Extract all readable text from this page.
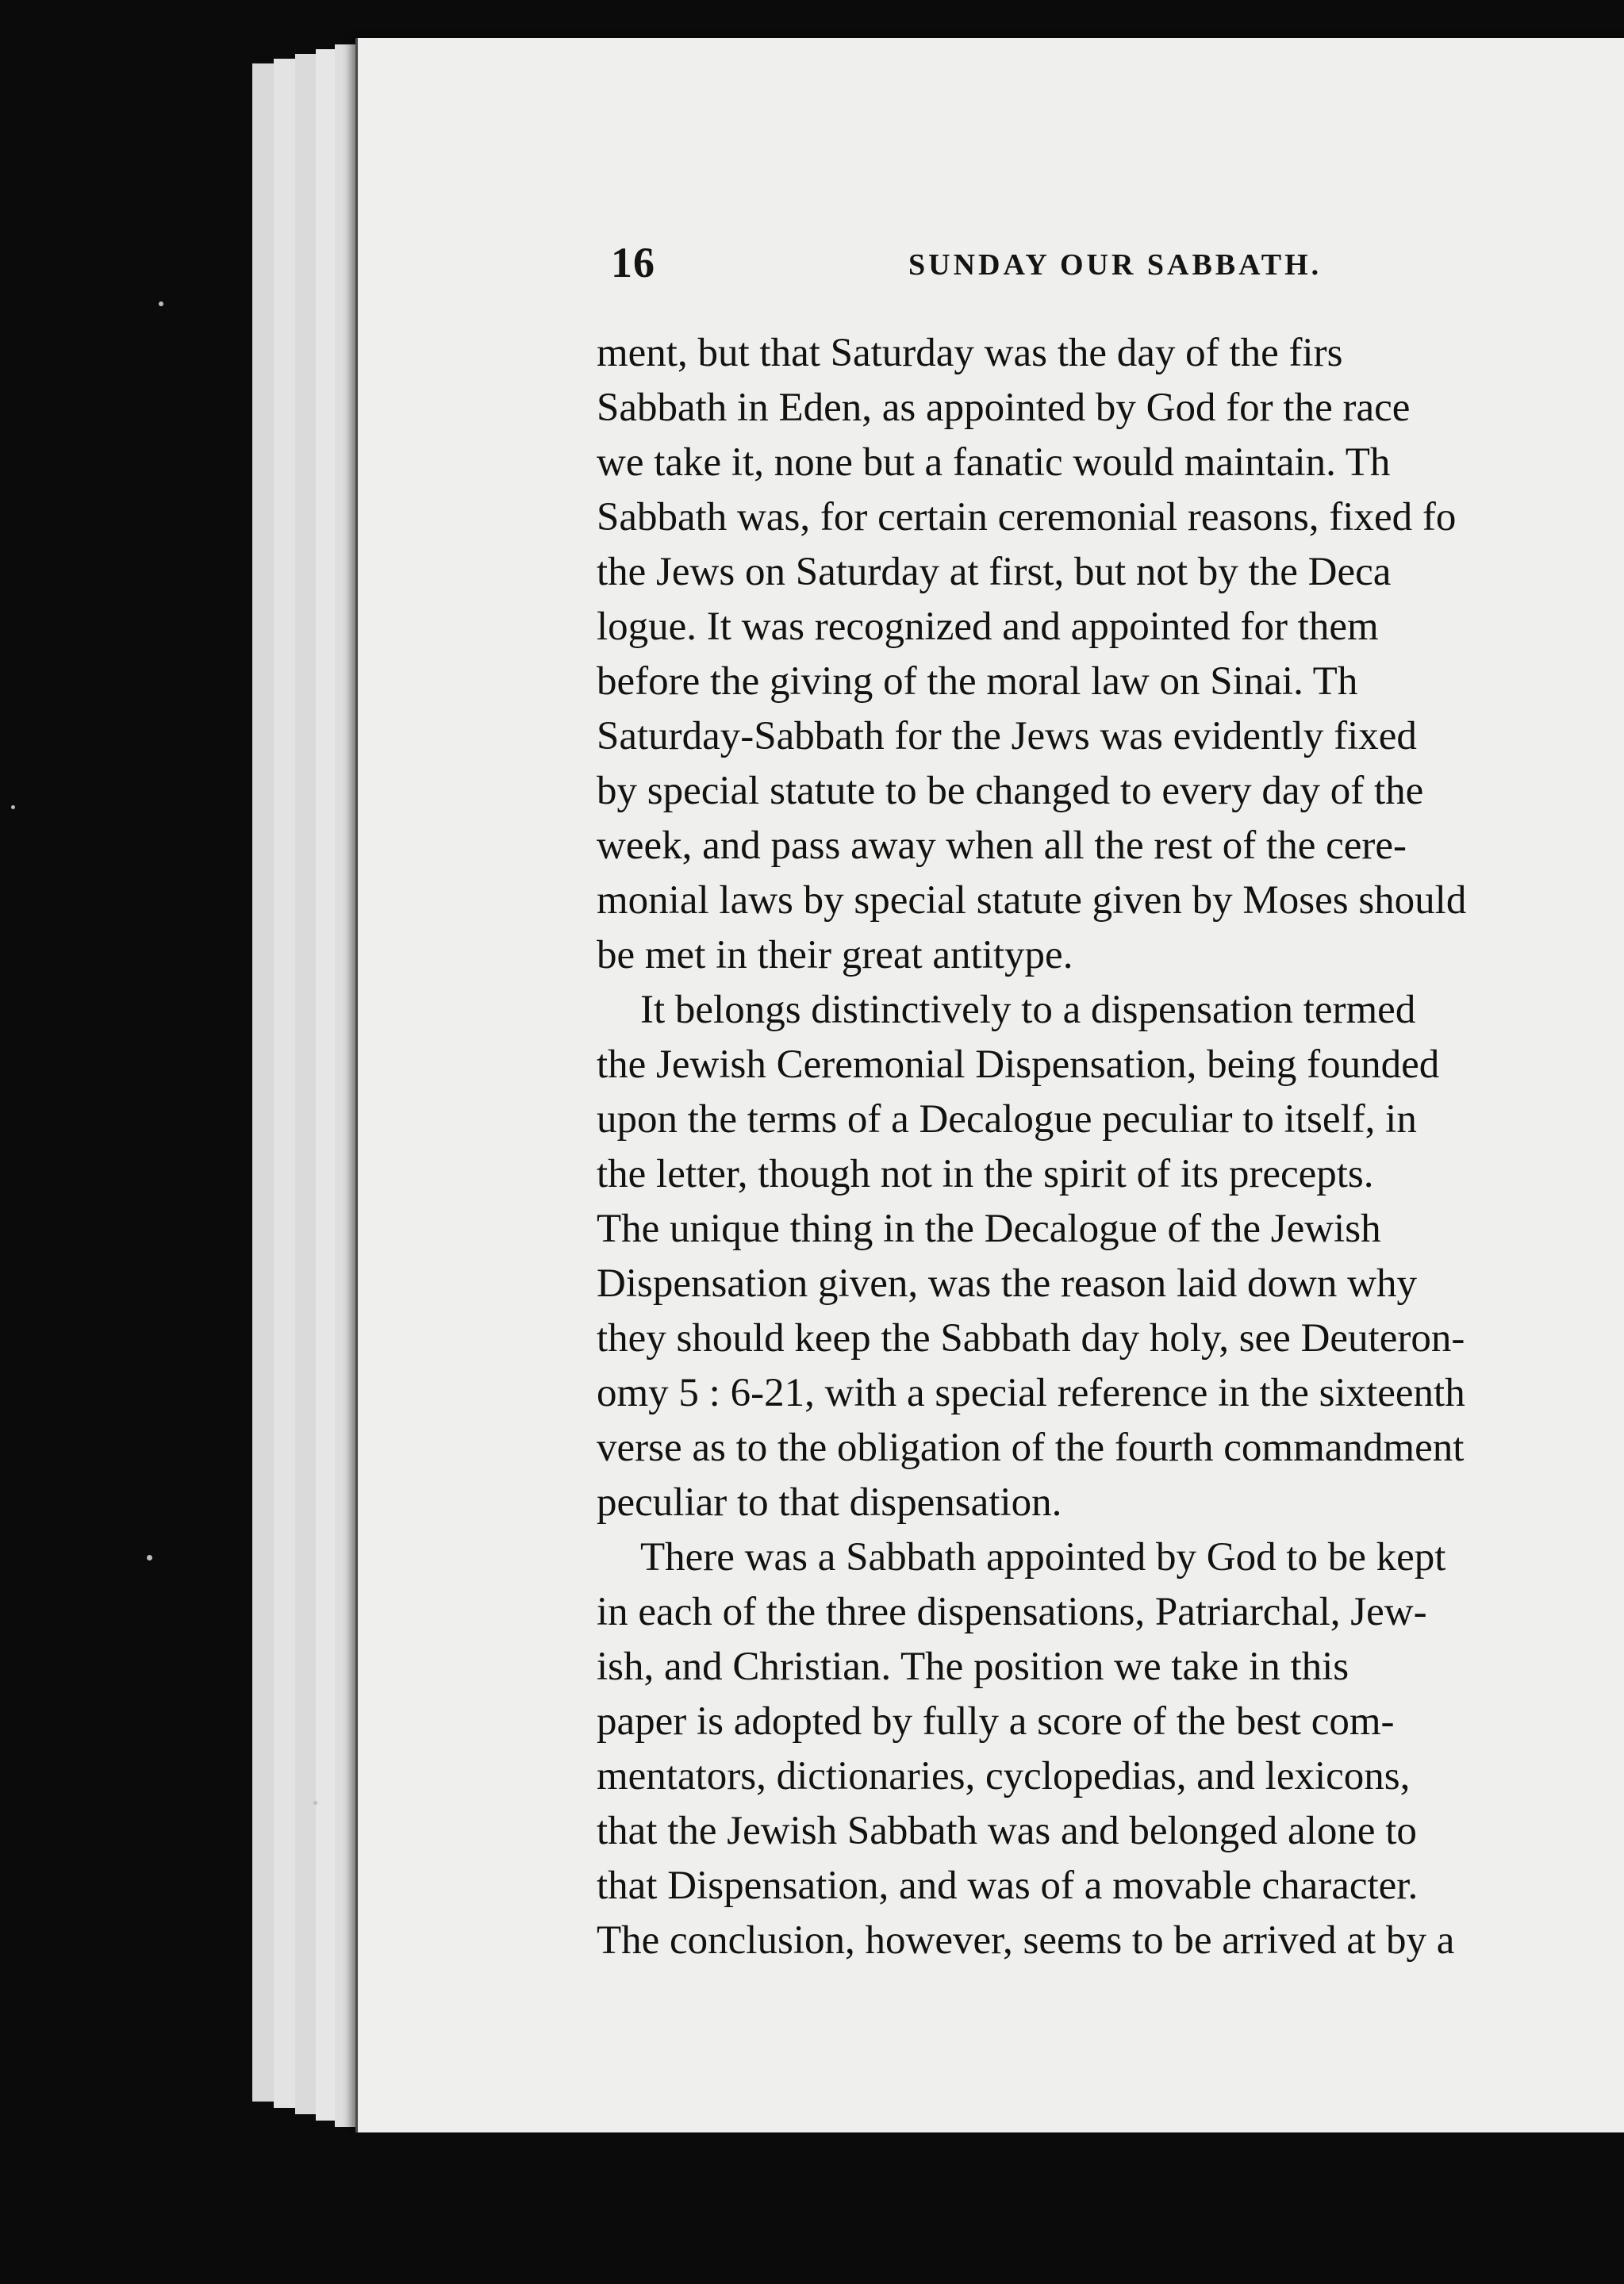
16	SUNDAY OUR SABBATH.
ment, but that Saturday was the day of the firs
Sabbath in Eden, as appointed by God for the race
we take it, none but a fanatic would maintain. Th
Sabbath was, for certain ceremonial reasons, fixed fo
the Jews on Saturday at first, but not by the Deca
logue. It was recognized and appointed for them
before the giving of the moral law on Sinai. Th
Saturday-Sabbath for the Jews was evidently fixed
by special statute to be changed to every day of the
week, and pass away when all the rest of the cere-
monial laws by special statute given by Moses should
be met in their great antitype.
It belongs distinctively to a dispensation termed
the Jewish Ceremonial Dispensation, being founded
upon the terms of a Decalogue peculiar to itself, in
the letter, though not in the spirit of its precepts.
The unique thing in the Decalogue of the Jewish
Dispensation given, was the reason laid down why
they should keep the Sabbath day holy, see Deuteron-
omy 5 : 6-21, with a special reference in the sixteenth
verse as to the obligation of the fourth commandment
peculiar to that dispensation.
There was a Sabbath appointed by God to be kept
in each of the three dispensations, Patriarchal, Jew-
ish, and Christian. The position we take in this
paper is adopted by fully a score of the best com-
mentators, dictionaries, cyclopedias, and lexicons,
that the Jewish Sabbath was and belonged alone to
that Dispensation, and was of a movable character.
The conclusion, however, seems to be arrived at by a
